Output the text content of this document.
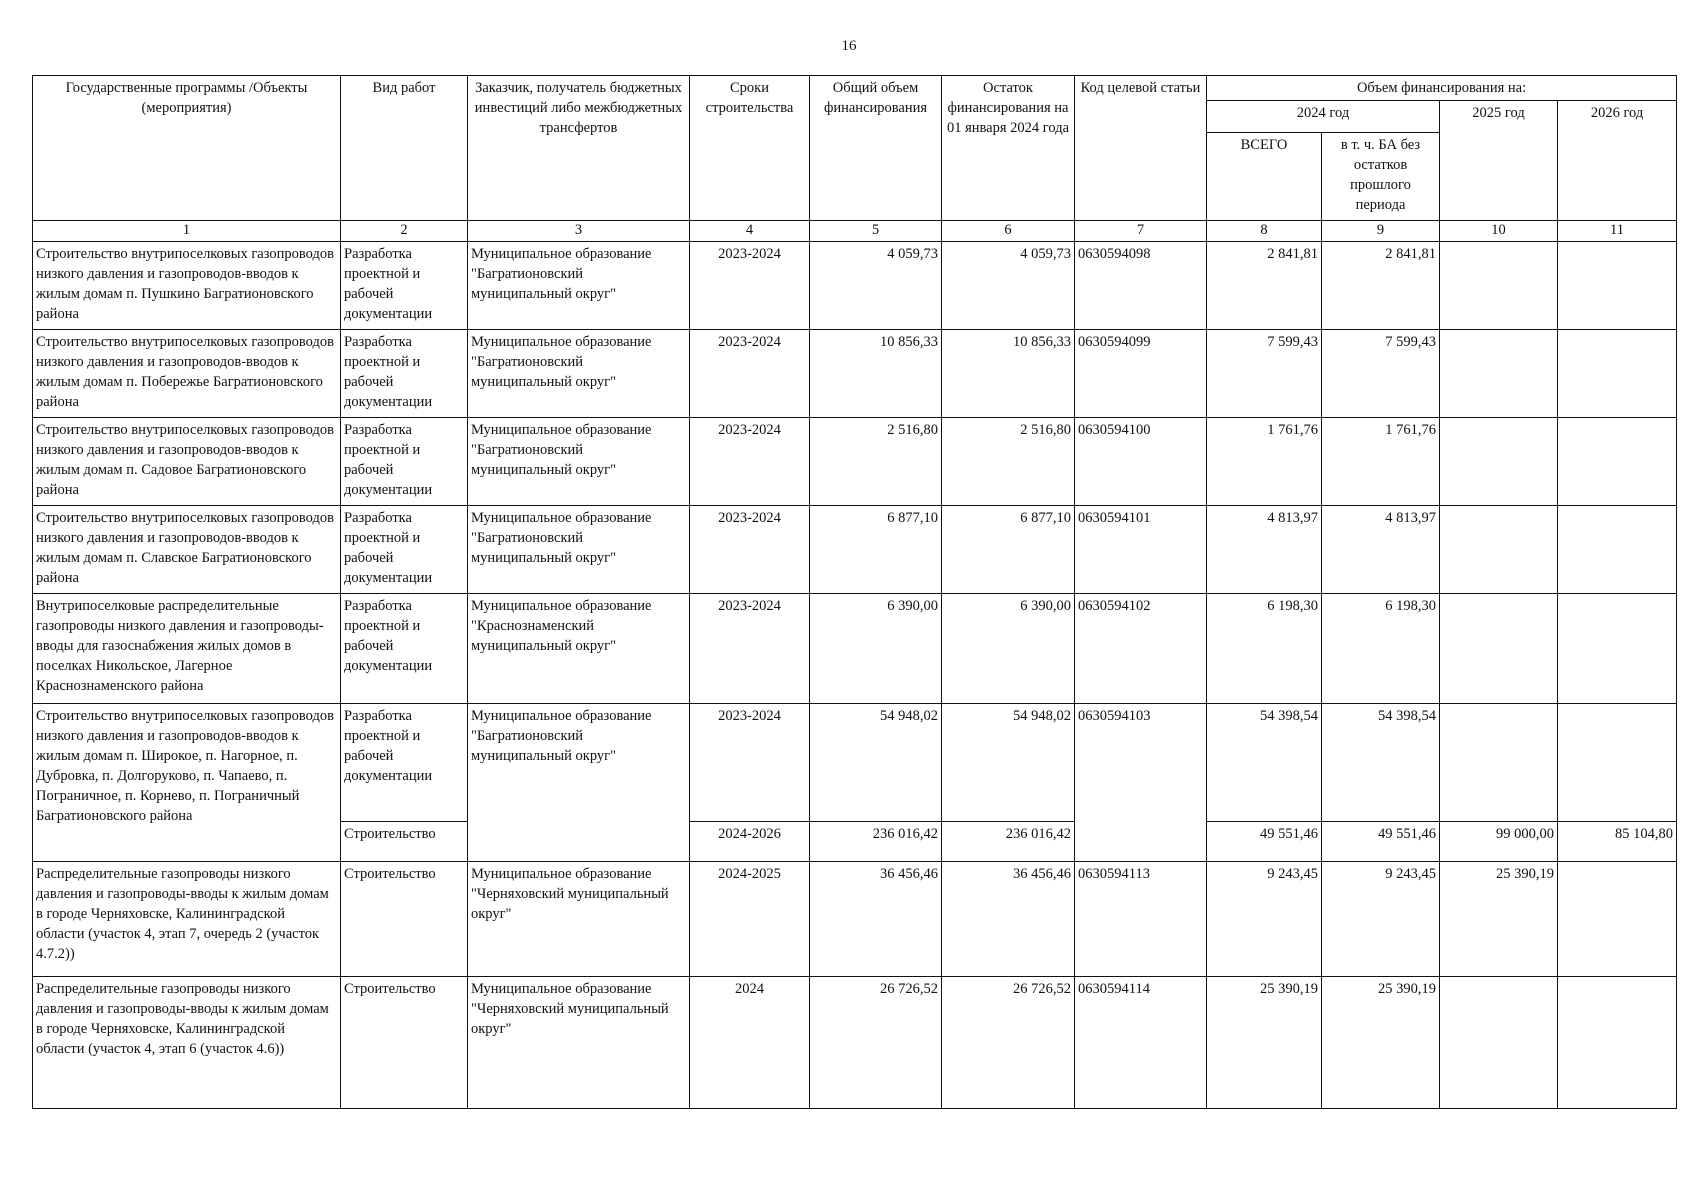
16
Государственные программы /Объекты (мероприятия)	Вид работ	Заказчик, получатель бюджетных инвестиций либо межбюджетных трансфертов	Сроки строительства	Общий объем финансирования	Остаток финансирования на 01 января 2024 года	Код целевой статьи	Объем финансирования на:			
							2024 год		2025 год	2026 год
							ВСЕГО	в т. ч. БА без остатков прошлого периода		
1	2	3	4	5	6	7	8	9	10	11
Строительство внутрипоселковых газопроводов низкого давления и газопроводов-вводов к жилым домам п. Пушкино Багратионовского района	Разработка проектной и рабочей документации	Муниципальное образование "Багратионовский муниципальный округ"	2023-2024	4 059,73	4 059,73	0630594098	2 841,81	2 841,81		
Строительство внутрипоселковых газопроводов низкого давления и газопроводов-вводов к жилым домам п. Побережье Багратионовского района	Разработка проектной и рабочей документации	Муниципальное образование "Багратионовский муниципальный округ"	2023-2024	10 856,33	10 856,33	0630594099	7 599,43	7 599,43		
Строительство внутрипоселковых газопроводов низкого давления и газопроводов-вводов к жилым домам п. Садовое Багратионовского района	Разработка проектной и рабочей документации	Муниципальное образование "Багратионовский муниципальный округ"	2023-2024	2 516,80	2 516,80	0630594100	1 761,76	1 761,76		
Строительство внутрипоселковых газопроводов низкого давления и газопроводов-вводов к жилым домам п. Славское Багратионовского района	Разработка проектной и рабочей документации	Муниципальное образование "Багратионовский муниципальный округ"	2023-2024	6 877,10	6 877,10	0630594101	4 813,97	4 813,97		
Внутрипоселковые распределительные газопроводы низкого давления и газопроводы-вводы для газоснабжения жилых домов в поселках Никольское, Лагерное Краснознаменского района	Разработка проектной и рабочей документации	Муниципальное образование "Краснознаменский муниципальный округ"	2023-2024	6 390,00	6 390,00	0630594102	6 198,30	6 198,30		
Строительство внутрипоселковых газопроводов низкого давления и газопроводов-вводов к жилым домам п. Широкое, п. Нагорное, п. Дубровка, п. Долгоруково, п. Чапаево, п. Пограничное, п. Корнево, п. Пограничный Багратионовского района	Разработка проектной и рабочей документации	Муниципальное образование "Багратионовский муниципальный округ"	2023-2024	54 948,02	54 948,02	0630594103	54 398,54	54 398,54		
	Строительство		2024-2026	236 016,42	236 016,42		49 551,46	49 551,46	99 000,00	85 104,80
Распределительные газопроводы низкого давления и газопроводы-вводы к жилым домам в городе Черняховске, Калининградской области (участок 4, этап 7, очередь 2 (участок 4.7.2))	Строительство	Муниципальное образование "Черняховский муниципальный округ"	2024-2025	36 456,46	36 456,46	0630594113	9 243,45	9 243,45	25 390,19	
Распределительные газопроводы низкого давления и газопроводы-вводы к жилым домам в городе Черняховске, Калининградской области (участок 4, этап 6 (участок 4.6))	Строительство	Муниципальное образование "Черняховский муниципальный округ"	2024	26 726,52	26 726,52	0630594114	25 390,19	25 390,19		
